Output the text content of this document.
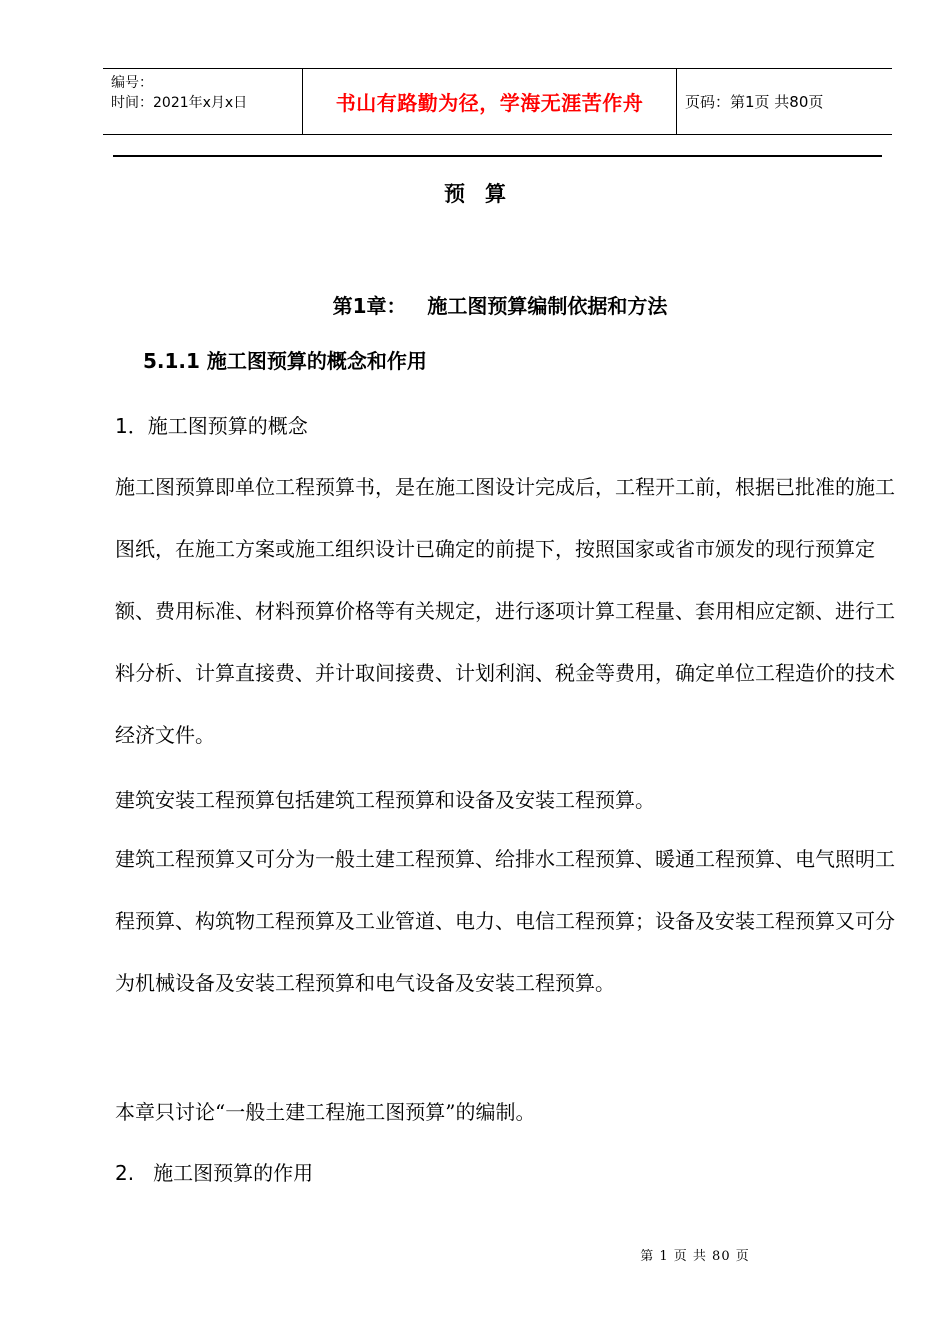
编号：
时间：2021年x月x日	书山有路勤为径，学海无涯苦作舟	页码：第1页 共80页
预算
第1章：   施工图预算编制依据和方法
5.1.1 施工图预算的概念和作用
1．施工图预算的概念

施工图预算即单位工程预算书，是在施工图设计完成后，工程开工前，根据已批准的施工图纸，在施工方案或施工组织设计已确定的前提下，按照国家或省市颁发的现行预算定额、费用标准、材料预算价格等有关规定，进行逐项计算工程量、套用相应定额、进行工料分析、计算直接费、并计取间接费、计划利润、税金等费用，确定单位工程造价的技术经济文件。

建筑安装工程预算包括建筑工程预算和设备及安装工程预算。

建筑工程预算又可分为一般土建工程预算、给排水工程预算、暖通工程预算、电气照明工程预算、构筑物工程预算及工业管道、电力、电信工程预算；设备及安装工程预算又可分为机械设备及安装工程预算和电气设备及安装工程预算。

本章只讨论“一般土建工程施工图预算”的编制。
2.   施工图预算的作用
第 1 页 共 80 页
